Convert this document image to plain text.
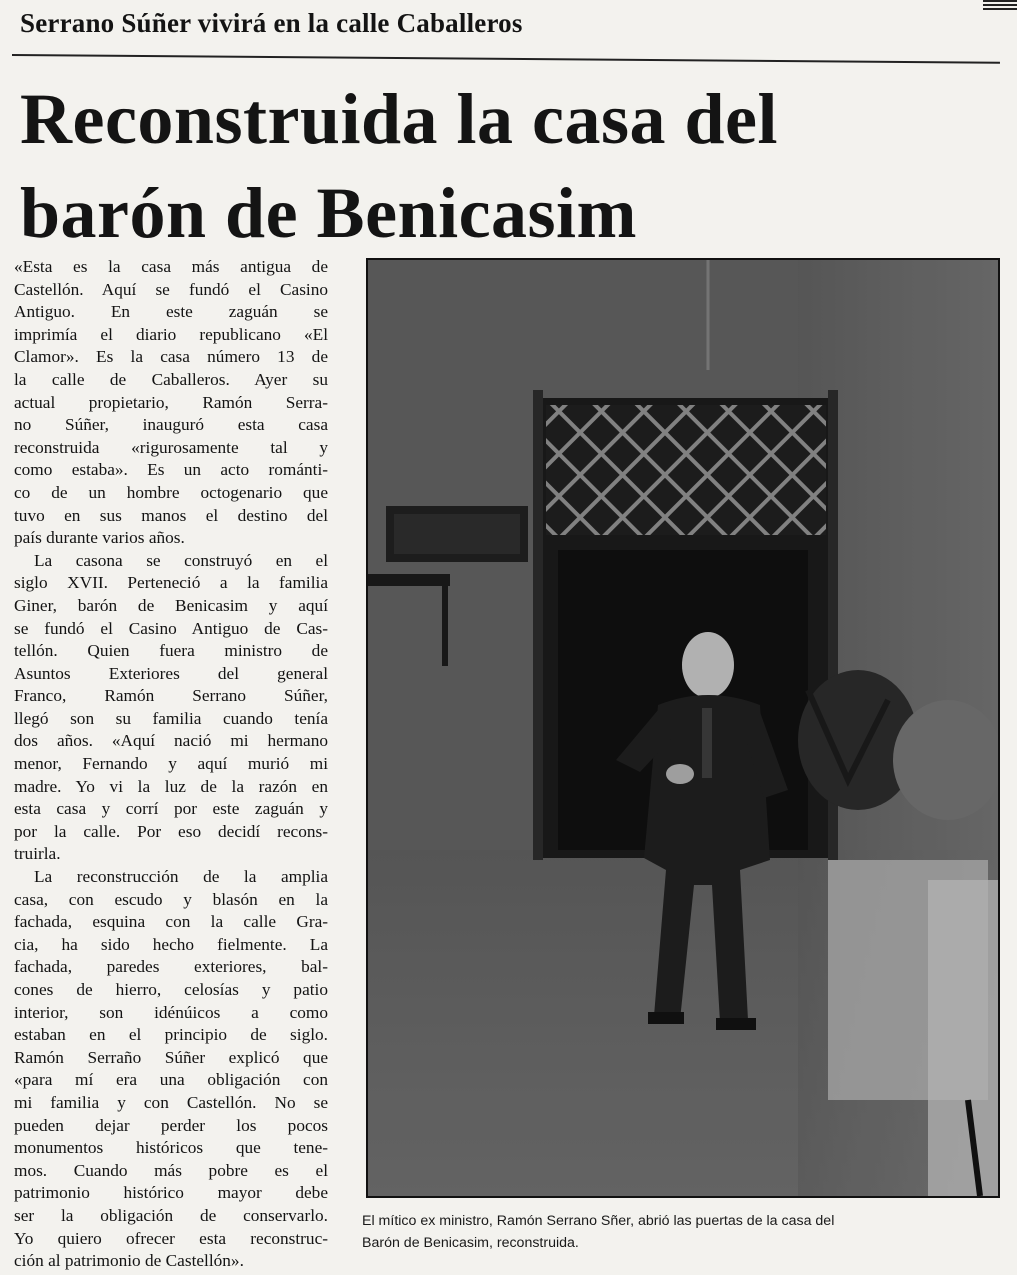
Serrano Súñer vivirá en la calle Caballeros
Reconstruida la casa del
barón de Benicasim
«Esta es la casa más antigua de
Castellón. Aquí se fundó el Casino
Antiguo. En este zaguán se
imprimía el diario republicano «El
Clamor». Es la casa número 13 de
la calle de Caballeros. Ayer su
actual propietario, Ramón Serra-
no Súñer, inauguró esta casa
reconstruida «rigurosamente tal y
como estaba». Es un acto románti-
co de un hombre octogenario que
tuvo en sus manos el destino del
país durante varios años.
La casona se construyó en el
siglo XVII. Perteneció a la familia
Giner, barón de Benicasim y aquí
se fundó el Casino Antiguo de Cas-
tellón. Quien fuera ministro de
Asuntos Exteriores del general
Franco, Ramón Serrano Súñer,
llegó son su familia cuando tenía
dos años. «Aquí nació mi hermano
menor, Fernando y aquí murió mi
madre. Yo vi la luz de la razón en
esta casa y corrí por este zaguán y
por la calle. Por eso decidí recons-
truirla.
La reconstrucción de la amplia
casa, con escudo y blasón en la
fachada, esquina con la calle Gra-
cia, ha sido hecho fielmente. La
fachada, paredes exteriores, bal-
cones de hierro, celosías y patio
interior, son idénúicos a como
estaban en el principio de siglo.
Ramón Serraño Súñer explicó que
«para mí era una obligación con
mi familia y con Castellón. No se
pueden dejar perder los pocos
monumentos históricos que tene-
mos. Cuando más pobre es el
patrimonio histórico mayor debe
ser la obligación de conservarlo.
Yo quiero ofrecer esta reconstruc-
ción al patrimonio de Castellón».
El mítico ex ministro, Ramón Serrano Sñer, abrió las puertas de la casa del
Barón de Benicasim, reconstruida.
